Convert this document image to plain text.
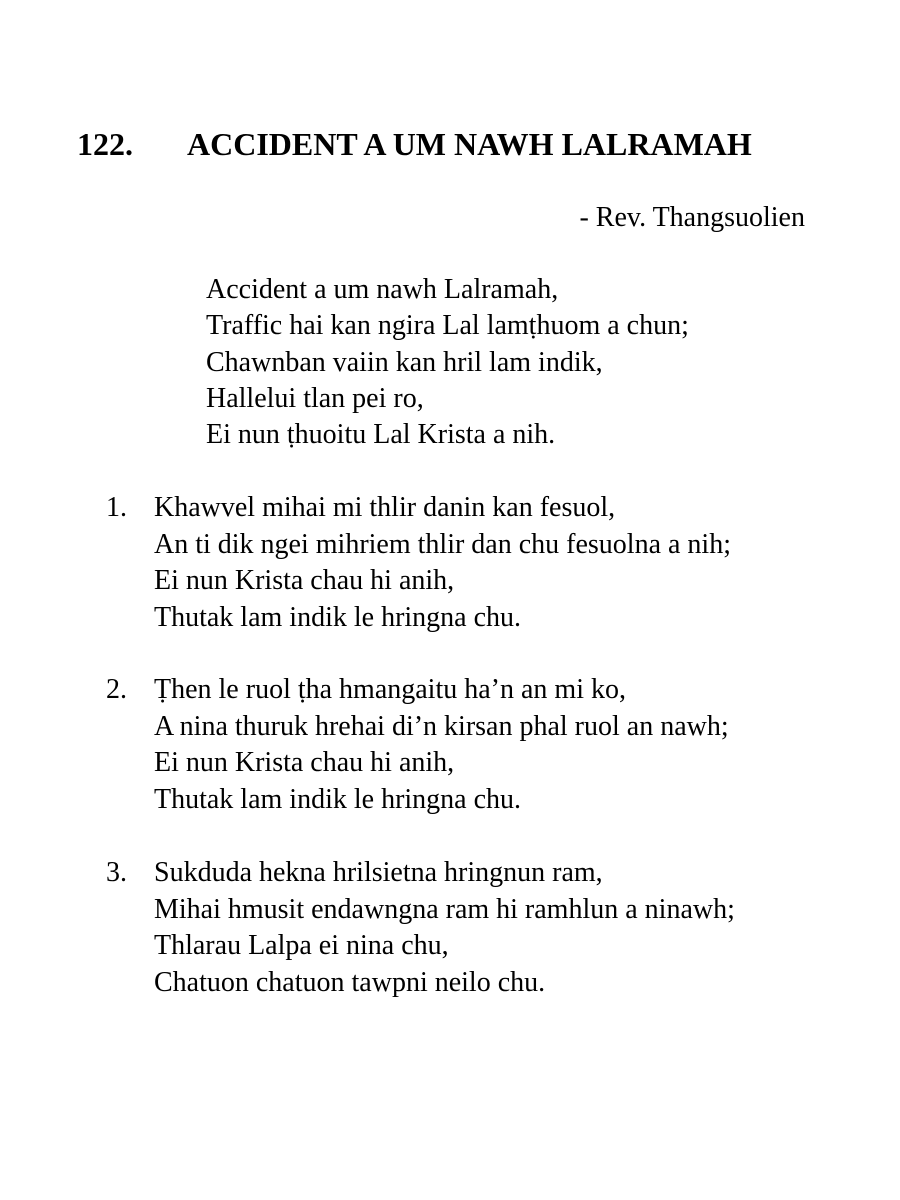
122. ACCIDENT A UM NAWH LALRAMAH
- Rev. Thangsuolien
Accident a um nawh Lalramah,
Traffic hai kan ngira Lal lamṭhuom a chun;
Chawnban vaiin kan hril lam indik,
Hallelui tlan pei ro,
Ei nun ṭhuoitu Lal Krista a nih.
1. Khawvel mihai mi thlir danin kan fesuol,
An ti dik ngei mihriem thlir dan chu fesuolna a nih;
Ei nun Krista chau hi anih,
Thutak lam indik le hringna chu.
2. Ṭhen le ruol ṭha hmangaitu ha’n an mi ko,
A nina thuruk hrehai di’n kirsan phal ruol an nawh;
Ei nun Krista chau hi anih,
Thutak lam indik le hringna chu.
3. Sukduda hekna hrilsietna hringnun ram,
Mihai hmusit endawngna ram hi ramhlun a ninawh;
Thlarau Lalpa ei nina chu,
Chatuon chatuon tawpni neilo chu.
